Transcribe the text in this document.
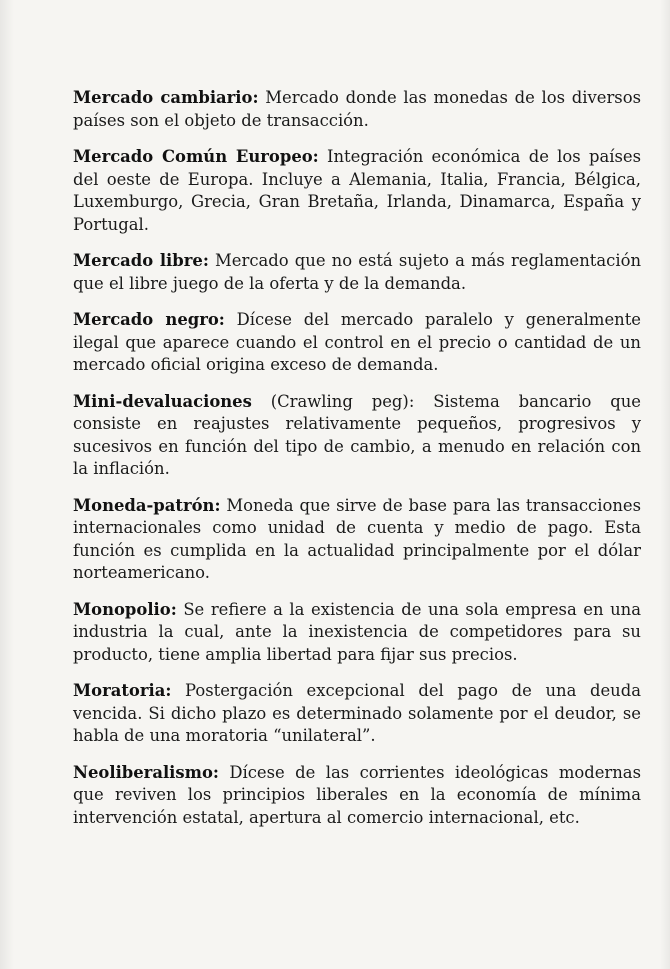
Mercado cambiario: Mercado donde las monedas de los diversos países son el objeto de transacción.

Mercado Común Europeo: Integración económica de los países del oeste de Europa. Incluye a Alemania, Italia, Francia, Bélgica, Luxemburgo, Grecia, Gran Bretaña, Irlanda, Dinamarca, España y Portugal.

Mercado libre: Mercado que no está sujeto a más reglamentación que el libre juego de la oferta y de la demanda.

Mercado negro: Dícese del mercado paralelo y generalmente ilegal que aparece cuando el control en el precio o cantidad de un mercado oficial origina exceso de demanda.

Mini-devaluaciones (Crawling peg): Sistema bancario que consiste en reajustes relativamente pequeños, progresivos y sucesivos en función del tipo de cambio, a menudo en relación con la inflación.

Moneda-patrón: Moneda que sirve de base para las transacciones internacionales como unidad de cuenta y medio de pago. Esta función es cumplida en la actualidad principalmente por el dólar norteamericano.

Monopolio: Se refiere a la existencia de una sola empresa en una industria la cual, ante la inexistencia de competidores para su producto, tiene amplia libertad para fijar sus precios.

Moratoria: Postergación excepcional del pago de una deuda vencida. Si dicho plazo es determinado solamente por el deudor, se habla de una moratoria “unilateral”.

Neoliberalismo: Dícese de las corrientes ideológicas modernas que reviven los principios liberales en la economía de mínima intervención estatal, apertura al comercio internacional, etc.
